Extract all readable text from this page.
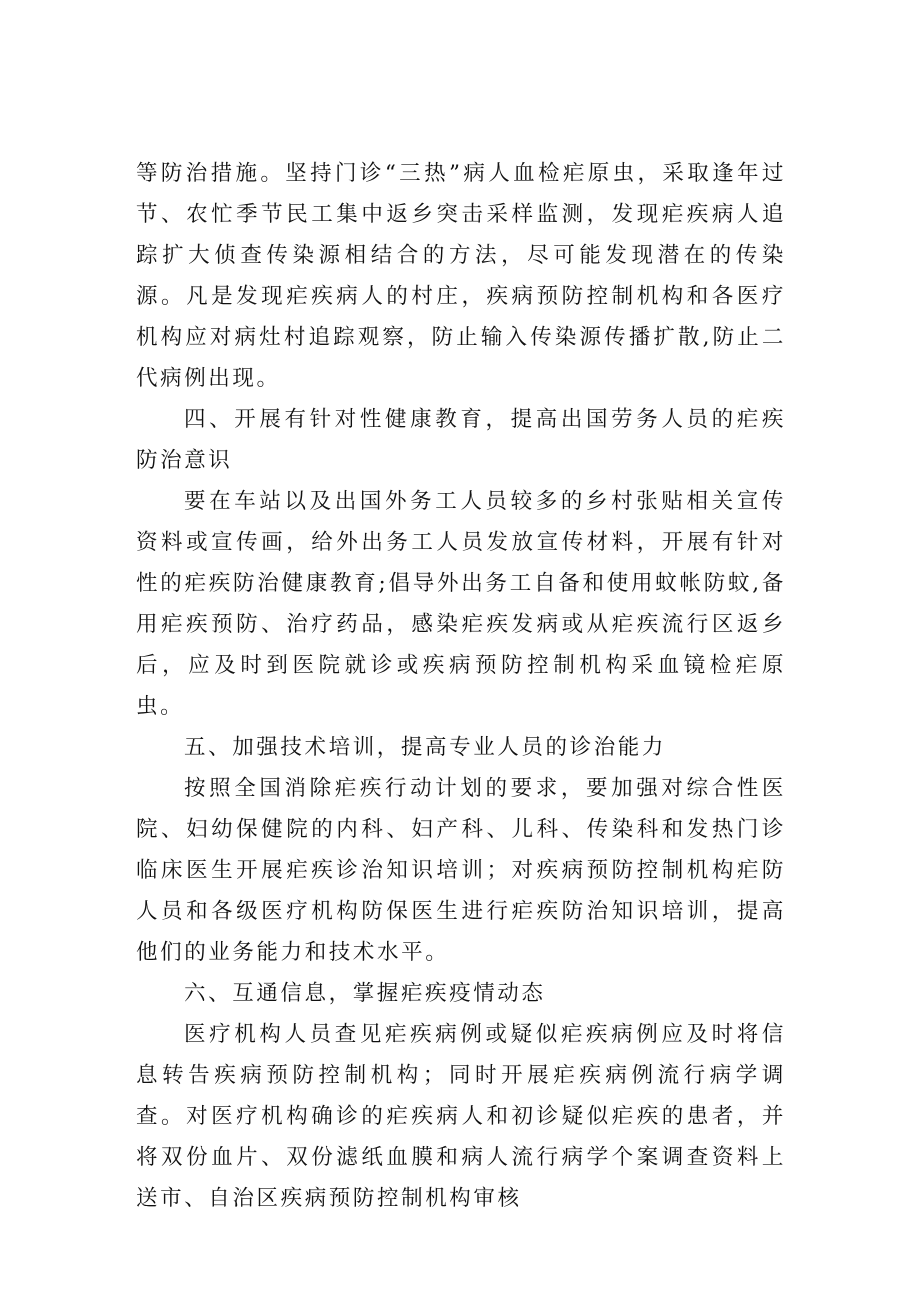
等防治措施。坚持门诊“三热”病人血检疟原虫，采取逢年过节、农忙季节民工集中返乡突击采样监测，发现疟疾病人追踪扩大侦查传染源相结合的方法，尽可能发现潜在的传染源。凡是发现疟疾病人的村庄，疾病预防控制机构和各医疗机构应对病灶村追踪观察，防止输入传染源传播扩散,防止二代病例出现。

四、开展有针对性健康教育，提高出国劳务人员的疟疾防治意识

要在车站以及出国外务工人员较多的乡村张贴相关宣传资料或宣传画，给外出务工人员发放宣传材料，开展有针对性的疟疾防治健康教育;倡导外出务工自备和使用蚊帐防蚊,备用疟疾预防、治疗药品，感染疟疾发病或从疟疾流行区返乡后，应及时到医院就诊或疾病预防控制机构采血镜检疟原虫。

五、加强技术培训，提高专业人员的诊治能力

按照全国消除疟疾行动计划的要求，要加强对综合性医院、妇幼保健院的内科、妇产科、儿科、传染科和发热门诊临床医生开展疟疾诊治知识培训；对疾病预防控制机构疟防人员和各级医疗机构防保医生进行疟疾防治知识培训，提高他们的业务能力和技术水平。

六、互通信息，掌握疟疾疫情动态

医疗机构人员查见疟疾病例或疑似疟疾病例应及时将信息转告疾病预防控制机构；同时开展疟疾病例流行病学调查。对医疗机构确诊的疟疾病人和初诊疑似疟疾的患者，并将双份血片、双份滤纸血膜和病人流行病学个案调查资料上送市、自治区疾病预防控制机构审核
